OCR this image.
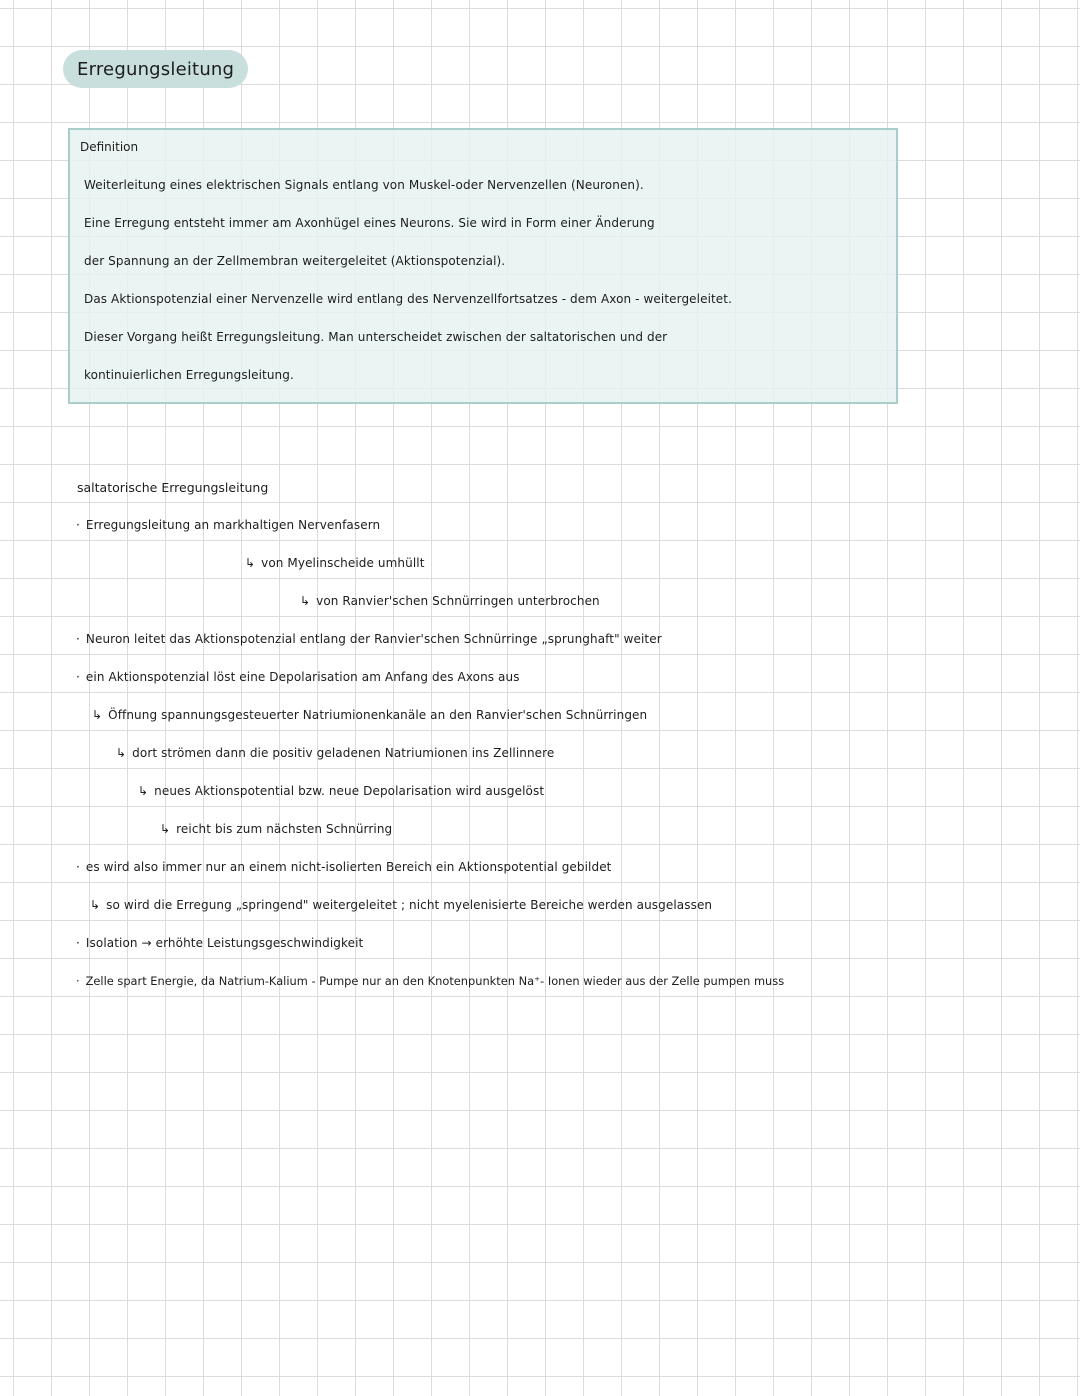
Erregungsleitung
Definition
Weiterleitung eines elektrischen Signals entlang von Muskel-oder Nervenzellen (Neuronen).
Eine Erregung entsteht immer am Axonhügel eines Neurons. Sie wird in Form einer Änderung
der Spannung an der Zellmembran weitergeleitet (Aktionspotenzial).
Das Aktionspotenzial einer Nervenzelle wird entlang des Nervenzellfortsatzes - dem Axon - weitergeleitet.
Dieser Vorgang heißt Erregungsleitung. Man unterscheidet zwischen der saltatorischen und der
kontinuierlichen Erregungsleitung.
saltatorische Erregungsleitung
· Erregungsleitung an markhaltigen Nervenfasern
↳ von Myelinscheide umhüllt
↳ von Ranvier'schen Schnürringen unterbrochen
· Neuron leitet das Aktionspotenzial entlang der Ranvier'schen Schnürringe „sprunghaft" weiter
· ein Aktionspotenzial löst eine Depolarisation am Anfang des Axons aus
↳ Öffnung spannungsgesteuerter Natriumionenkanäle an den Ranvier'schen Schnürringen
↳ dort strömen dann die positiv geladenen Natriumionen ins Zellinnere
↳ neues Aktionspotential bzw. neue Depolarisation wird ausgelöst
↳ reicht bis zum nächsten Schnürring
· es wird also immer nur an einem nicht-isolierten Bereich ein Aktionspotential gebildet
↳ so wird die Erregung „springend" weitergeleitet ; nicht myelenisierte Bereiche werden ausgelassen
· Isolation → erhöhte Leistungsgeschwindigkeit
· Zelle spart Energie, da Natrium-Kalium - Pumpe nur an den Knotenpunkten Na⁺- Ionen wieder aus der Zelle pumpen muss
